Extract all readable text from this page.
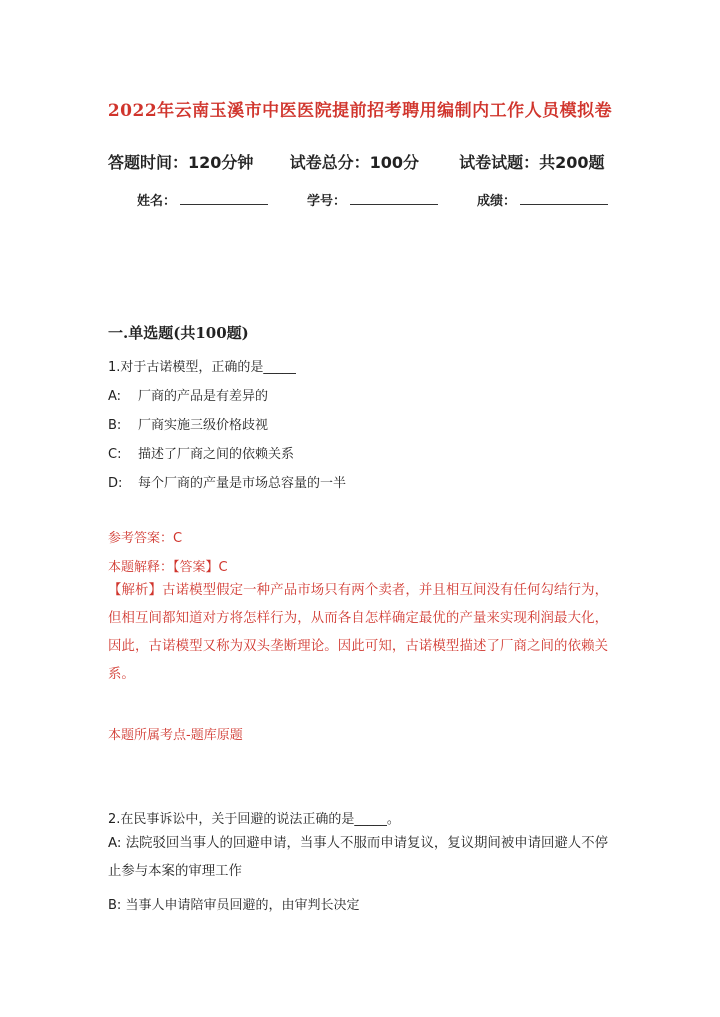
2022年云南玉溪市中医医院提前招考聘用编制内工作人员模拟卷
答题时间：120分钟 试卷总分：100分	试卷试题：共200题
姓名：	学号：	成绩：
一.单选题(共100题)
1.对于古诺模型，正确的是_____
A: 厂商的产品是有差异的
B: 厂商实施三级价格歧视
C: 描述了厂商之间的依赖关系
D: 每个厂商的产量是市场总容量的一半
参考答案：C
本题解释：【答案】C

【解析】古诺模型假定一种产品市场只有两个卖者，并且相互间没有任何勾结行为，但相互间都知道对方将怎样行为，从而各自怎样确定最优的产量来实现利润最大化，因此，古诺模型又称为双头垄断理论。因此可知，古诺模型描述了厂商之间的依赖关系。

本题所属考点-题库原题
2.在民事诉讼中，关于回避的说法正确的是_____。

A: 法院驳回当事人的回避申请，当事人不服而申请复议，复议期间被申请回避人不停止参与本案的审理工作

B: 当事人申请陪审员回避的，由审判长决定
